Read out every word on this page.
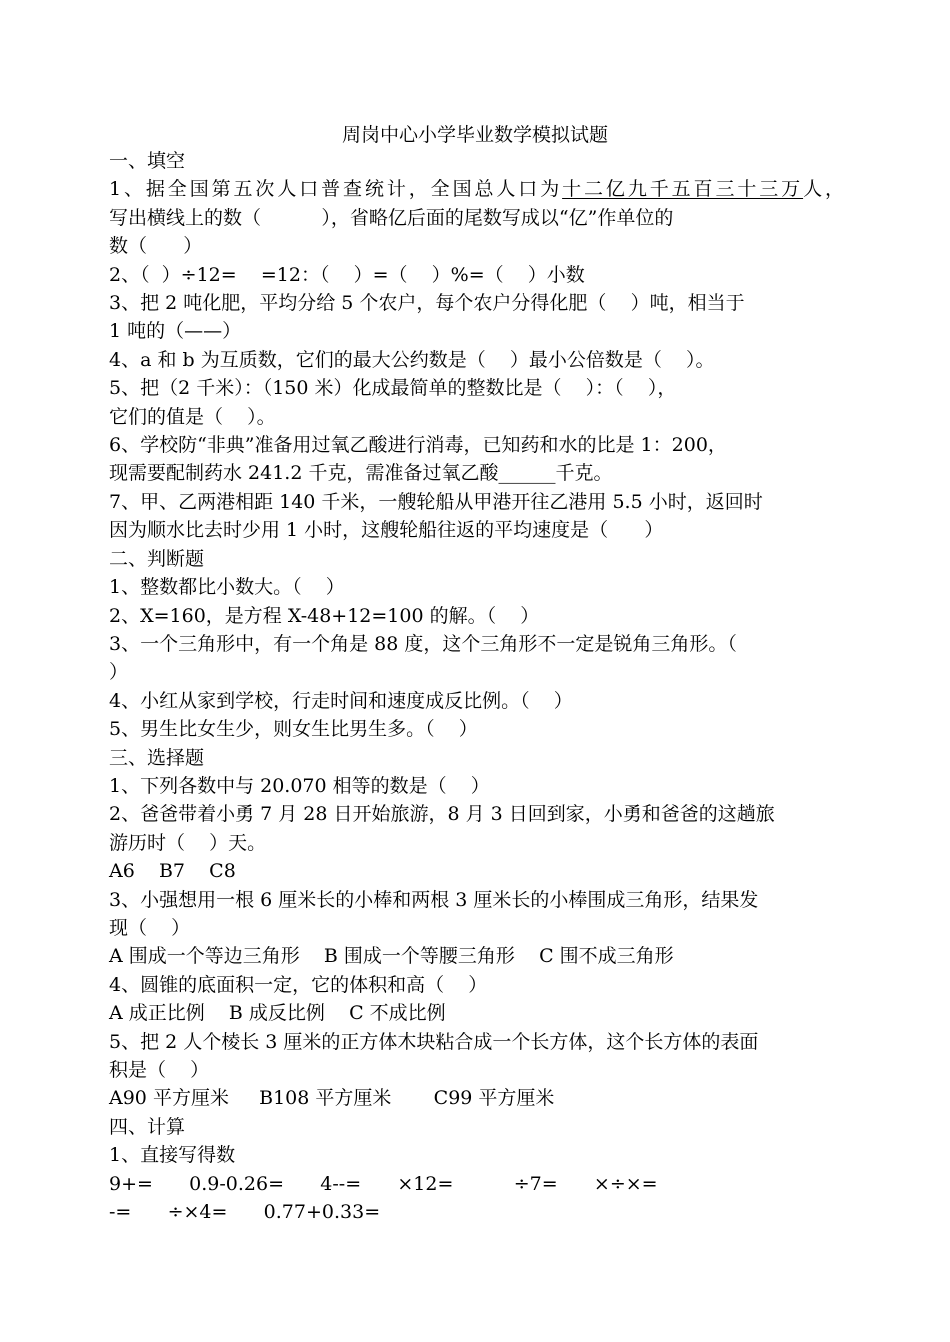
周岗中心小学毕业数学模拟试题

一、填空

1、据全国第五次人口普查统计，全国总人口为十二亿九千五百三十三万人，

写出横线上的数（          ），省略亿后面的尾数写成以“亿”作单位的

数（      ）

2、（  ）÷12=    =12：（    ）=（    ）%=（    ）小数

3、把 2 吨化肥，平均分给 5 个农户，每个农户分得化肥（    ）吨，相当于

1 吨的（——）

4、a 和 b 为互质数，它们的最大公约数是（    ）最小公倍数是（    ）。

5、把（2 千米）：（150 米）化成最简单的整数比是（    ）：（    ），

它们的值是（    ）。

6、学校防“非典”准备用过氧乙酸进行消毒，已知药和水的比是 1：200，

现需要配制药水 241.2 千克，需准备过氧乙酸______千克。

7、甲、乙两港相距 140 千米，一艘轮船从甲港开往乙港用 5.5 小时，返回时

因为顺水比去时少用 1 小时，这艘轮船往返的平均速度是（      ）

二、判断题

1、整数都比小数大。（    ）

2、X=160，是方程 X-48+12=100 的解。（    ）

3、一个三角形中，有一个角是 88 度，这个三角形不一定是锐角三角形。（

）

4、小红从家到学校，行走时间和速度成反比例。（    ）

5、男生比女生少，则女生比男生多。（    ）

三、选择题

1、下列各数中与 20.070 相等的数是（    ）

2、爸爸带着小勇 7 月 28 日开始旅游，8 月 3 日回到家，小勇和爸爸的这趟旅

游历时（    ）天。

A6    B7    C8

3、小强想用一根 6 厘米长的小棒和两根 3 厘米长的小棒围成三角形，结果发

现（    ）

A 围成一个等边三角形    B 围成一个等腰三角形    C 围不成三角形

4、圆锥的底面积一定，它的体积和高（    ）

A 成正比例    B 成反比例    C 不成比例

5、把 2 人个棱长 3 厘米的正方体木块粘合成一个长方体，这个长方体的表面

积是（    ）

A90 平方厘米     B108 平方厘米       C99 平方厘米

四、计算

1、直接写得数

9+=      0.9-0.26=      4--=      ×12=          ÷7=      ×÷×=

-=      ÷×4=      0.77+0.33=
